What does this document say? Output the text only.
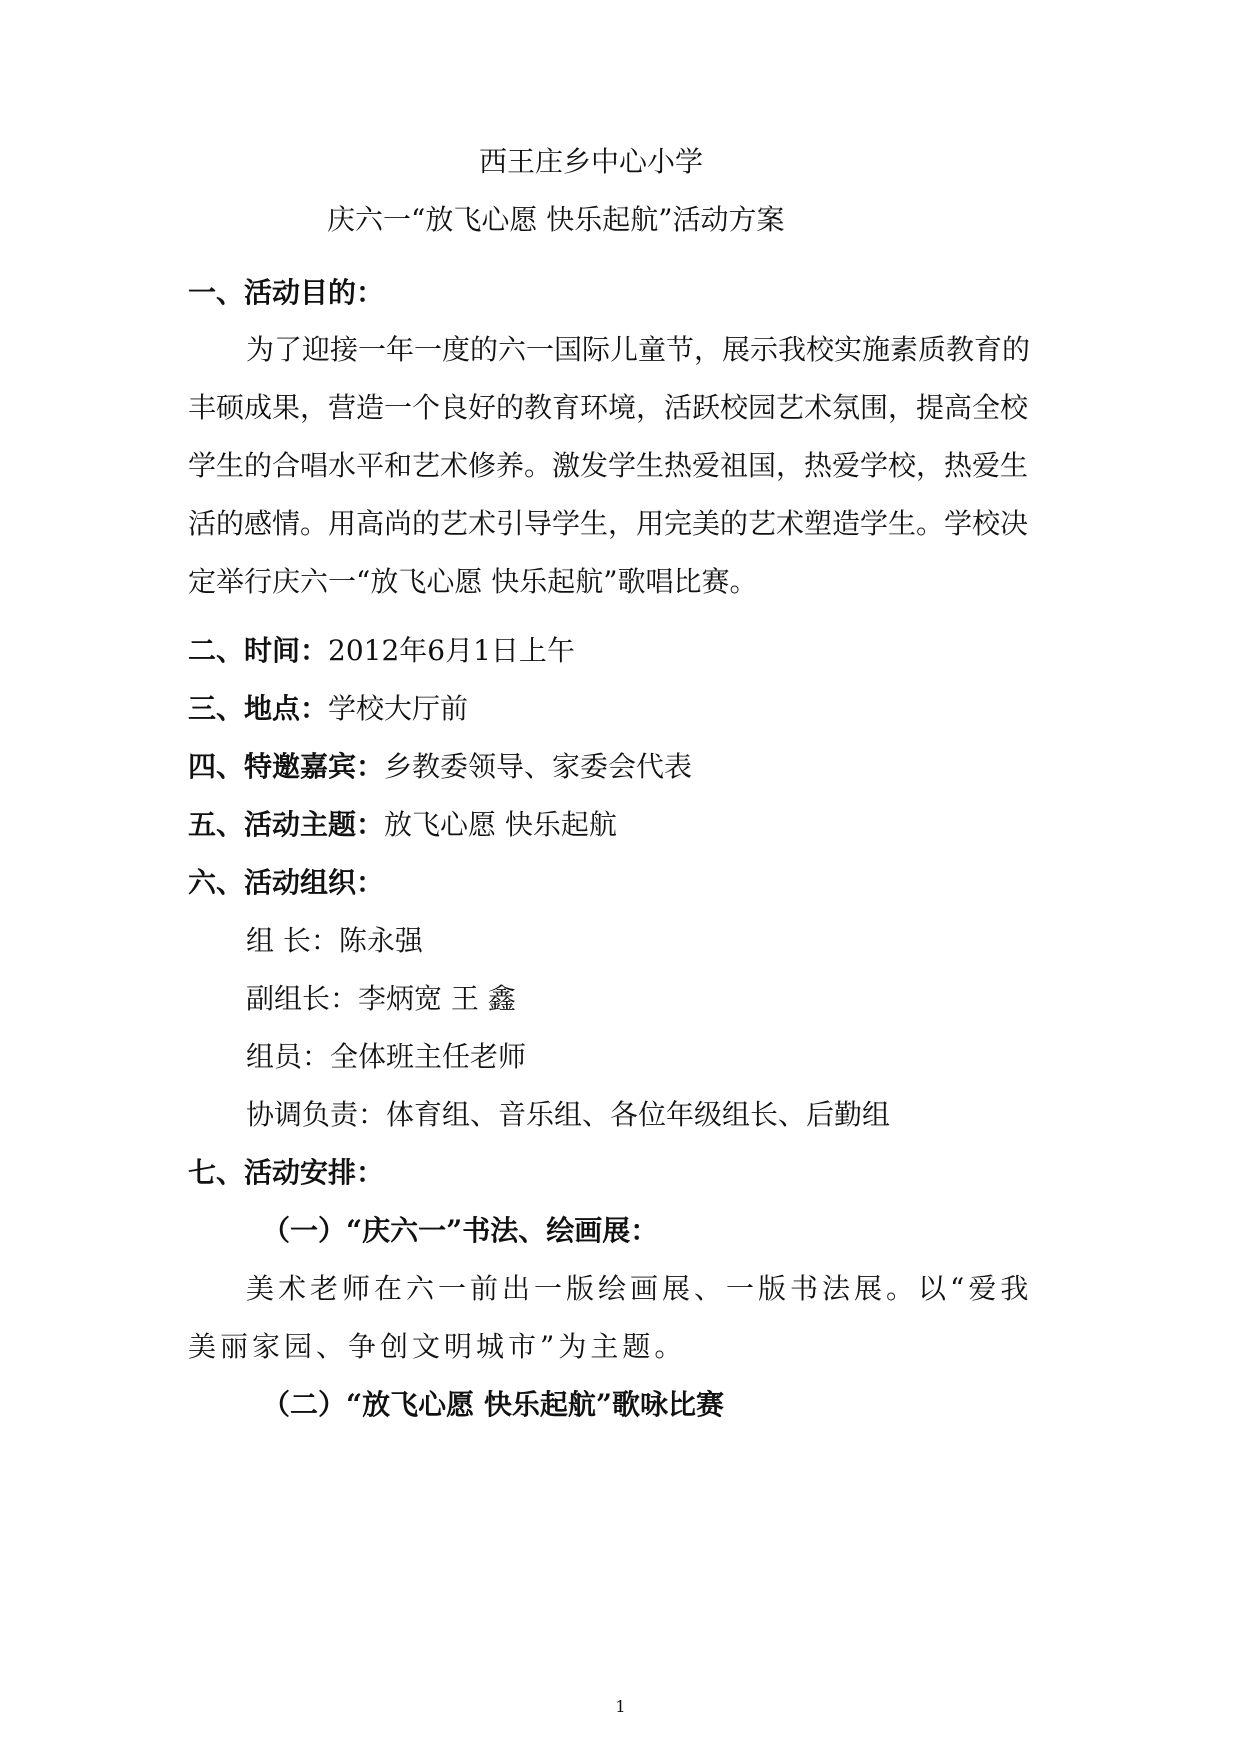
西王庄乡中心小学
庆六一“放飞心愿 快乐起航”活动方案
一、活动目的：
为了迎接一年一度的六一国际儿童节，展示我校实施素质教育的
丰硕成果，营造一个良好的教育环境，活跃校园艺术氛围，提高全校
学生的合唱水平和艺术修养。激发学生热爱祖国，热爱学校，热爱生
活的感情。用高尚的艺术引导学生，用完美的艺术塑造学生。学校决
定举行庆六一“放飞心愿 快乐起航”歌唱比赛。
二、时间：2012年6月1日上午
三、地点：学校大厅前
四、特邀嘉宾：乡教委领导、家委会代表
五、活动主题：放飞心愿 快乐起航
六、活动组织：
组 长：陈永强
副组长：李炳宽 王 鑫
组员：全体班主任老师
协调负责：体育组、音乐组、各位年级组长、后勤组
七、活动安排：
（一）“庆六一”书法、绘画展：
美术老师在六一前出一版绘画展、一版书法展。以“爱我
美丽家园、争创文明城市”为主题。
（二）“放飞心愿 快乐起航”歌咏比赛
1
